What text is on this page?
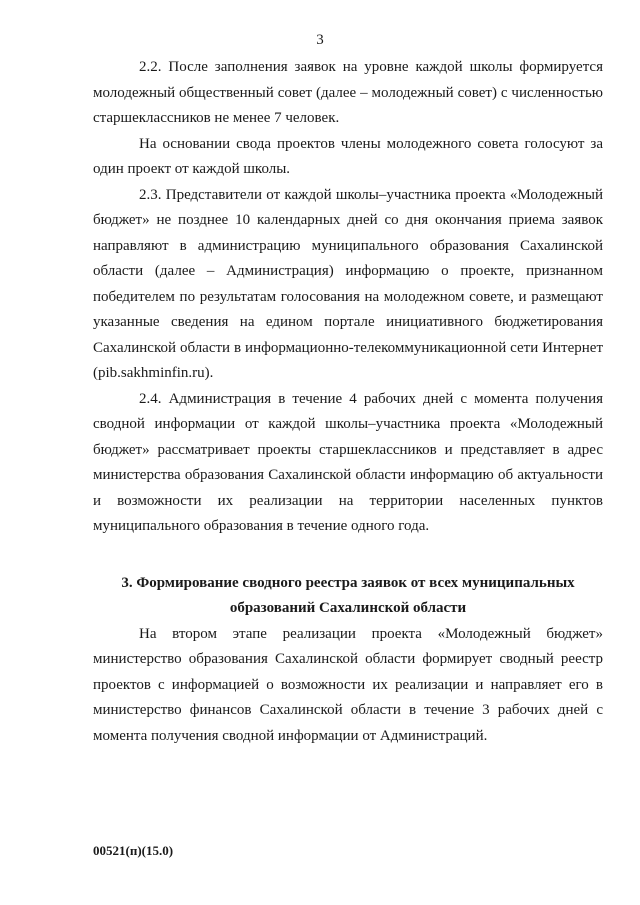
3

2.2. После заполнения заявок на уровне каждой школы формируется молодежный общественный совет (далее – молодежный совет) с численностью старшеклассников не менее 7 человек.

На основании свода проектов члены молодежного совета голосуют за один проект от каждой школы.

2.3. Представители от каждой школы–участника проекта «Молодежный бюджет» не позднее 10 календарных дней со дня окончания приема заявок направляют в администрацию муниципального образования Сахалинской области (далее – Администрация) информацию о проекте, признанном победителем по результатам голосования на молодежном совете, и размещают указанные сведения на едином портале инициативного бюджетирования Сахалинской области в информационно-телекоммуникационной сети Интернет (pib.sakhminfin.ru).

2.4. Администрация в течение 4 рабочих дней с момента получения сводной информации от каждой школы–участника проекта «Молодежный бюджет» рассматривает проекты старшеклассников и представляет в адрес министерства образования Сахалинской области информацию об актуальности и возможности их реализации на территории населенных пунктов муниципального образования в течение одного года.

3. Формирование сводного реестра заявок от всех муниципальных
образований Сахалинской области

На втором этапе реализации проекта «Молодежный бюджет» министерство образования Сахалинской области формирует сводный реестр проектов с информацией о возможности их реализации и направляет его в министерство финансов Сахалинской области в течение 3 рабочих дней с момента получения сводной информации от Администраций.

00521(п)(15.0)
